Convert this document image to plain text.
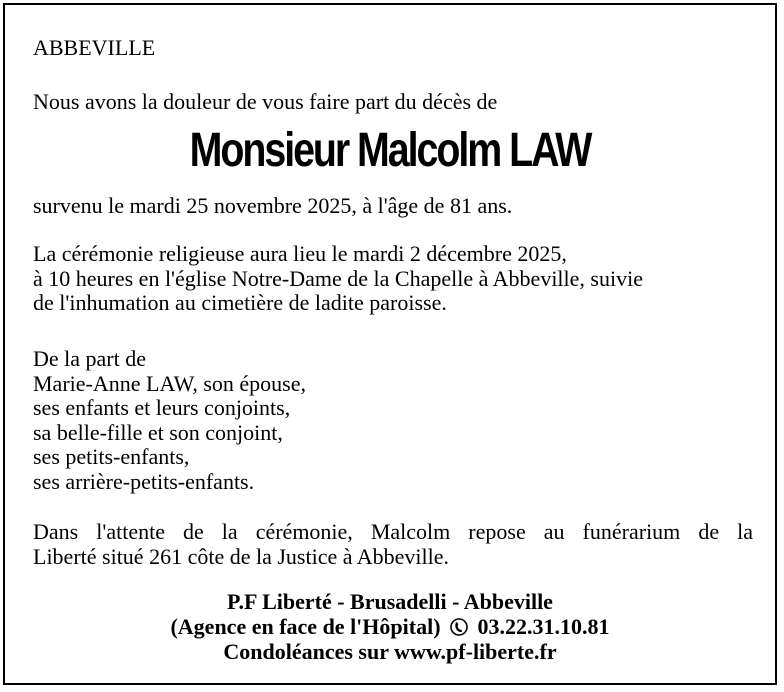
ABBEVILLE

Nous avons la douleur de vous faire part du décès de

Monsieur Malcolm LAW

survenu le mardi 25 novembre 2025, à l'âge de 81 ans.

La cérémonie religieuse aura lieu le mardi 2 décembre 2025,
à 10 heures en l'église Notre-Dame de la Chapelle à Abbeville, suivie
de l'inhumation au cimetière de ladite paroisse.
De la part de
Marie-Anne LAW, son épouse,
ses enfants et leurs conjoints,
sa belle-fille et son conjoint,
ses petits-enfants,
ses arrière-petits-enfants.
Dans l'attente de la cérémonie, Malcolm repose au funérarium de la
Liberté situé 261 côte de la Justice à Abbeville.
P.F Liberté - Brusadelli - Abbeville
(Agence en face de l'Hôpital) 03.22.31.10.81
Condoléances sur www.pf-liberte.fr
